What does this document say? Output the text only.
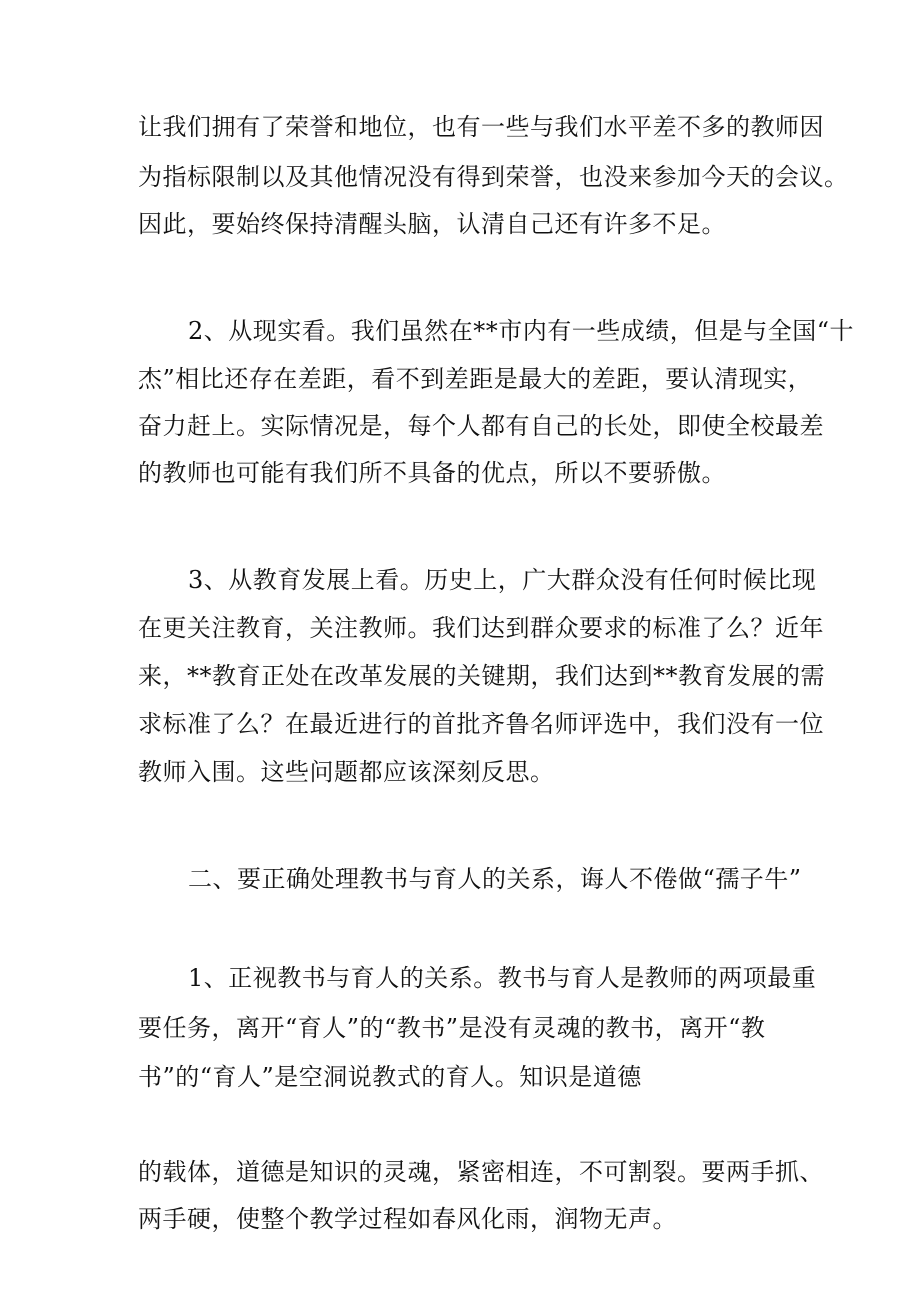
让我们拥有了荣誉和地位，也有一些与我们水平差不多的教师因
为指标限制以及其他情况没有得到荣誉，也没来参加今天的会议。
因此，要始终保持清醒头脑，认清自己还有许多不足。
2、从现实看。我们虽然在**市内有一些成绩，但是与全国“十
杰”相比还存在差距，看不到差距是最大的差距，要认清现实，
奋力赶上。实际情况是，每个人都有自己的长处，即使全校最差
的教师也可能有我们所不具备的优点，所以不要骄傲。
3、从教育发展上看。历史上，广大群众没有任何时候比现
在更关注教育，关注教师。我们达到群众要求的标准了么？近年
来，**教育正处在改革发展的关键期，我们达到**教育发展的需
求标准了么？在最近进行的首批齐鲁名师评选中，我们没有一位
教师入围。这些问题都应该深刻反思。
二、要正确处理教书与育人的关系，诲人不倦做“孺子牛”
1、正视教书与育人的关系。教书与育人是教师的两项最重
要任务，离开“育人”的“教书”是没有灵魂的教书，离开“教
书”的“育人”是空洞说教式的育人。知识是道德
的载体，道德是知识的灵魂，紧密相连，不可割裂。要两手抓、
两手硬，使整个教学过程如春风化雨，润物无声。
